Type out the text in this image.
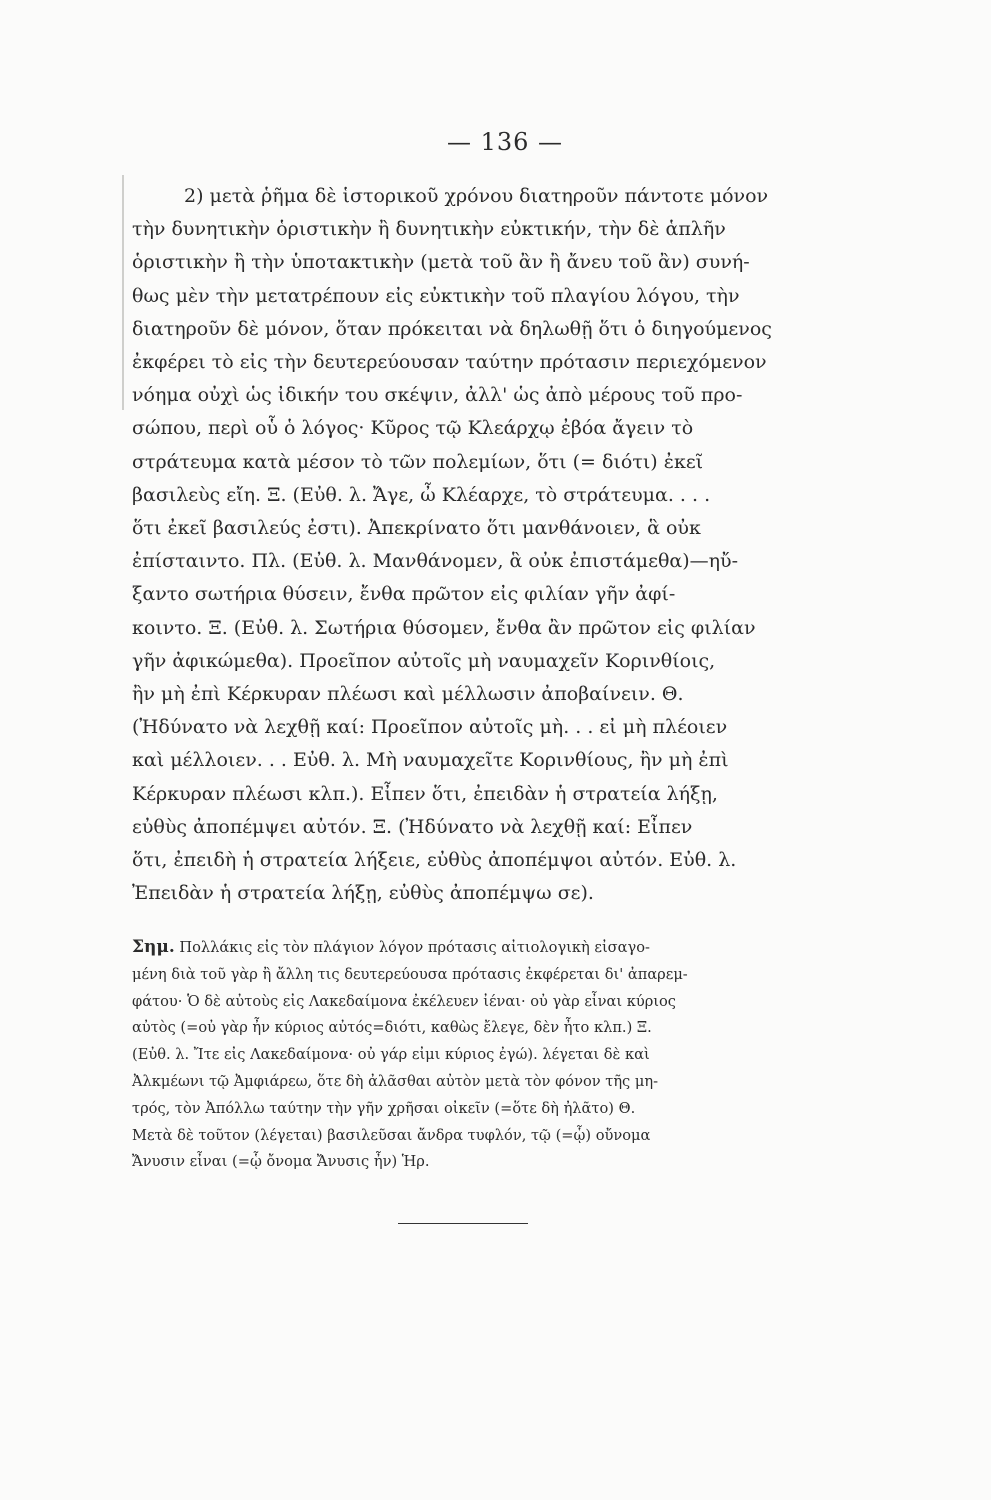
— 136 —
2) μετὰ ῥῆμα δὲ ἱστορικοῦ χρόνου διατηροῦν πάντοτε μόνον
τὴν δυνητικὴν ὁριστικὴν ἢ δυνητικὴν εὐκτικήν, τὴν δὲ ἁπλῆν
ὁριστικὴν ἢ τὴν ὑποτακτικὴν (μετὰ τοῦ ἂν ἢ ἄνευ τοῦ ἂν) συνή-
θως μὲν τὴν μετατρέπουν εἰς εὐκτικὴν τοῦ πλαγίου λόγου, τὴν
διατηροῦν δὲ μόνον, ὅταν πρόκειται νὰ δηλωθῇ ὅτι ὁ διηγούμενος
ἐκφέρει τὸ εἰς τὴν δευτερεύουσαν ταύτην πρότασιν περιεχόμενον
νόημα οὐχὶ ὡς ἰδικήν του σκέψιν, ἀλλ' ὡς ἀπὸ μέρους τοῦ προ-
σώπου, περὶ οὗ ὁ λόγος· Κῦρος τῷ Κλεάρχῳ ἐβόα ἄγειν τὸ
στράτευμα κατὰ μέσον τὸ τῶν πολεμίων, ὅτι (= διότι) ἐκεῖ
βασιλεὺς εἴη. Ξ. (Εὐθ. λ. Ἄγε, ὦ Κλέαρχε, τὸ στράτευμα. . . .
ὅτι ἐκεῖ βασιλεύς ἐστι). Ἀπεκρίνατο ὅτι μανθάνοιεν, ἃ οὐκ
ἐπίσταιντο. Πλ. (Εὐθ. λ. Μανθάνομεν, ἃ οὐκ ἐπιστάμεθα)—ηὔ-
ξαντο σωτήρια θύσειν, ἔνθα πρῶτον εἰς φιλίαν γῆν ἀφί-
κοιντο. Ξ. (Εὐθ. λ. Σωτήρια θύσομεν, ἔνθα ἂν πρῶτον εἰς φιλίαν
γῆν ἀφικώμεθα). Προεῖπον αὐτοῖς μὴ ναυμαχεῖν Κορινθίοις,
ἢν μὴ ἐπὶ Κέρκυραν πλέωσι καὶ μέλλωσιν ἀποβαίνειν. Θ.
(Ἠδύνατο νὰ λεχθῇ καί: Προεῖπον αὐτοῖς μὴ. . . εἰ μὴ πλέοιεν
καὶ μέλλοιεν. . . Εὐθ. λ. Μὴ ναυμαχεῖτε Κορινθίους, ἢν μὴ ἐπὶ
Κέρκυραν πλέωσι κλπ.). Εἶπεν ὅτι, ἐπειδὰν ἡ στρατεία λήξῃ,
εὐθὺς ἀποπέμψει αὐτόν. Ξ. (Ἠδύνατο νὰ λεχθῇ καί: Εἶπεν
ὅτι, ἐπειδὴ ἡ στρατεία λήξειε, εὐθὺς ἀποπέμψοι αὐτόν. Εὐθ. λ.
Ἐπειδὰν ἡ στρατεία λήξῃ, εὐθὺς ἀποπέμψω σε).
Σημ. Πολλάκις εἰς τὸν πλάγιον λόγον πρότασις αἰτιολογικὴ εἰσαγο-
μένη διὰ τοῦ γὰρ ἢ ἄλλη τις δευτερεύουσα πρότασις ἐκφέρεται δι' ἀπαρεμ-
φάτου· Ὁ δὲ αὐτοὺς εἰς Λακεδαίμονα ἐκέλευεν ἰέναι· οὐ γὰρ εἶναι κύριος
αὐτὸς (=οὐ γὰρ ἦν κύριος αὐτός=διότι, καθὼς ἔλεγε, δὲν ἦτο κλπ.) Ξ.
(Εὐθ. λ. Ἴτε εἰς Λακεδαίμονα· οὐ γάρ εἰμι κύριος ἐγώ). λέγεται δὲ καὶ
Ἀλκμέωνι τῷ Ἀμφιάρεω, ὅτε δὴ ἀλᾶσθαι αὐτὸν μετὰ τὸν φόνον τῆς μη-
τρός, τὸν Ἀπόλλω ταύτην τὴν γῆν χρῆσαι οἰκεῖν (=ὅτε δὴ ἠλᾶτο) Θ.
Μετὰ δὲ τοῦτον (λέγεται) βασιλεῦσαι ἄνδρα τυφλόν, τῷ (=ᾧ) οὔνομα
Ἄνυσιν εἶναι (=ᾧ ὄνομα Ἄνυσις ἦν) Ἡρ.
